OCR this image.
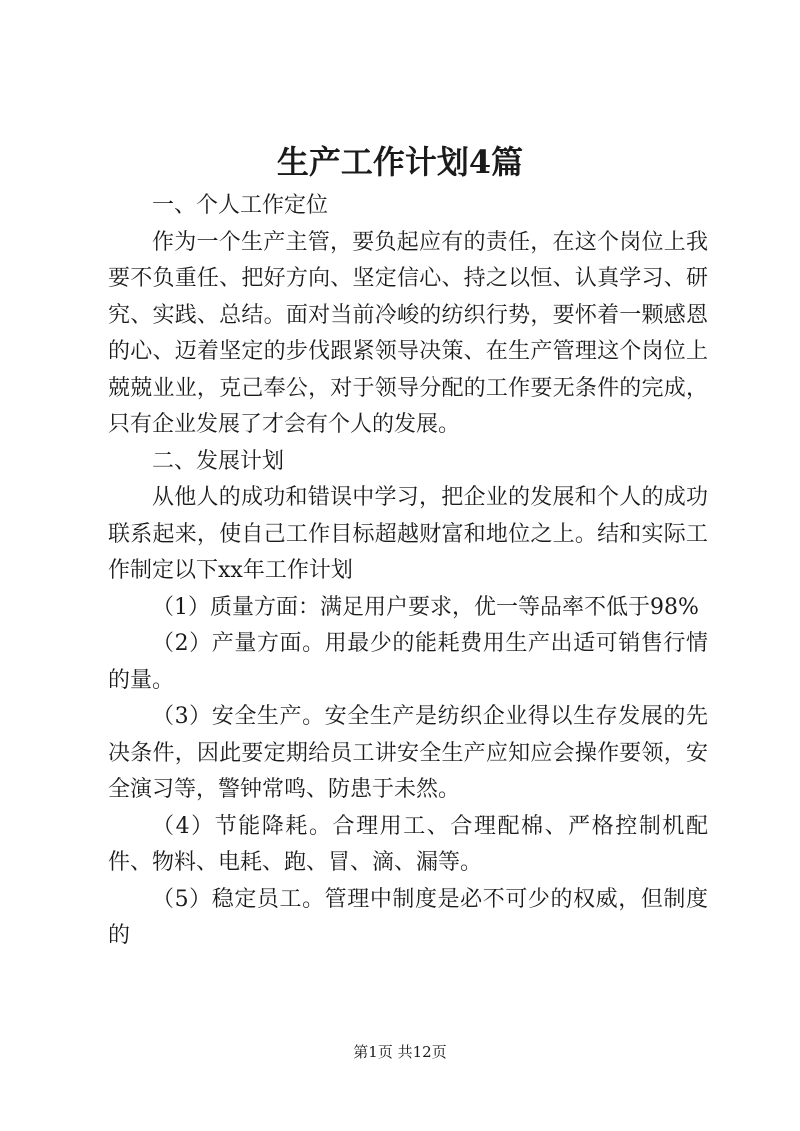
生产工作计划4篇

一、个人工作定位

作为一个生产主管，要负起应有的责任，在这个岗位上我要不负重任、把好方向、坚定信心、持之以恒、认真学习、研究、实践、总结。面对当前冷峻的纺织行势，要怀着一颗感恩的心、迈着坚定的步伐跟紧领导决策、在生产管理这个岗位上兢兢业业，克己奉公，对于领导分配的工作要无条件的完成，只有企业发展了才会有个人的发展。

二、发展计划

从他人的成功和错误中学习，把企业的发展和个人的成功联系起来，使自己工作目标超越财富和地位之上。结和实际工作制定以下xx年工作计划

（1）质量方面：满足用户要求，优一等品率不低于98%

（2）产量方面。用最少的能耗费用生产出适可销售行情的量。

（3）安全生产。安全生产是纺织企业得以生存发展的先决条件，因此要定期给员工讲安全生产应知应会操作要领，安全演习等，警钟常鸣、防患于未然。

（4）节能降耗。合理用工、合理配棉、严格控制机配件、物料、电耗、跑、冒、滴、漏等。

（5）稳定员工。管理中制度是必不可少的权威，但制度的

第1页 共12页
